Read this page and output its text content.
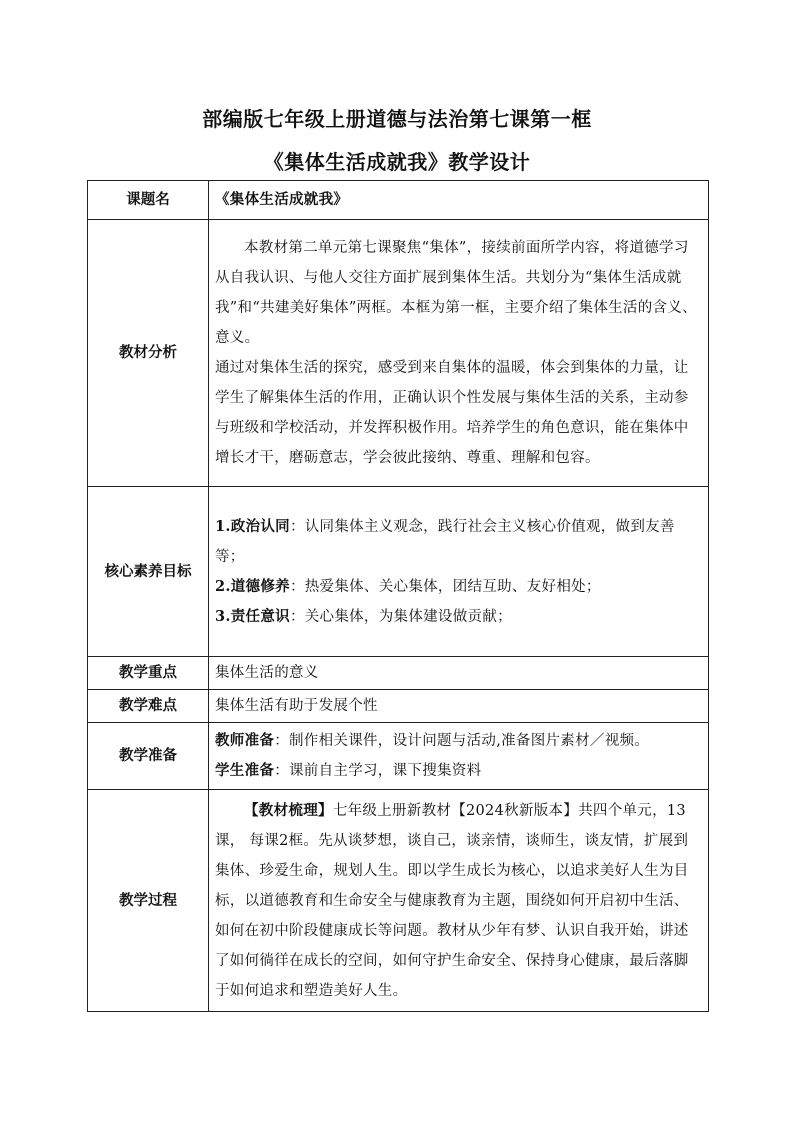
部编版七年级上册道德与法治第七课第一框
《集体生活成就我》教学设计
课题名	《集体生活成就我》
教材分析	本教材第二单元第七课聚焦“集体”，接续前面所学内容，将道德学习从自我认识、与他人交往方面扩展到集体生活。共划分为“集体生活成就我”和“共建美好集体”两框。本框为第一框，主要介绍了集体生活的含义、意义。

通过对集体生活的探究，感受到来自集体的温暖，体会到集体的力量，让学生了解集体生活的作用，正确认识个性发展与集体生活的关系，主动参与班级和学校活动，并发挥积极作用。培养学生的角色意识，能在集体中增长才干，磨砺意志，学会彼此接纳、尊重、理解和包容。

核心素养目标	1.政治认同：认同集体主义观念，践行社会主义核心价值观，做到友善等；

2.道德修养：热爱集体、关心集体，团结互助、友好相处；

3.责任意识：关心集体，为集体建设做贡献；

教学重点	集体生活的意义
教学难点	集体生活有助于发展个性
教学准备	教师准备：制作相关课件，设计问题与活动,准备图片素材／视频。

学生准备：课前自主学习，课下搜集资料

教学过程	【教材梳理】七年级上册新教材【2024秋新版本】共四个单元，13课， 每课2框。先从谈梦想，谈自己，谈亲情，谈师生，谈友情，扩展到集体、珍爱生命，规划人生。即以学生成长为核心，以追求美好人生为目标，以道德教育和生命安全与健康教育为主题，围绕如何开启初中生活、如何在初中阶段健康成长等问题。教材从少年有梦、认识自我开始，讲述了如何徜徉在成长的空间，如何守护生命安全、保持身心健康，最后落脚于如何追求和塑造美好人生。
